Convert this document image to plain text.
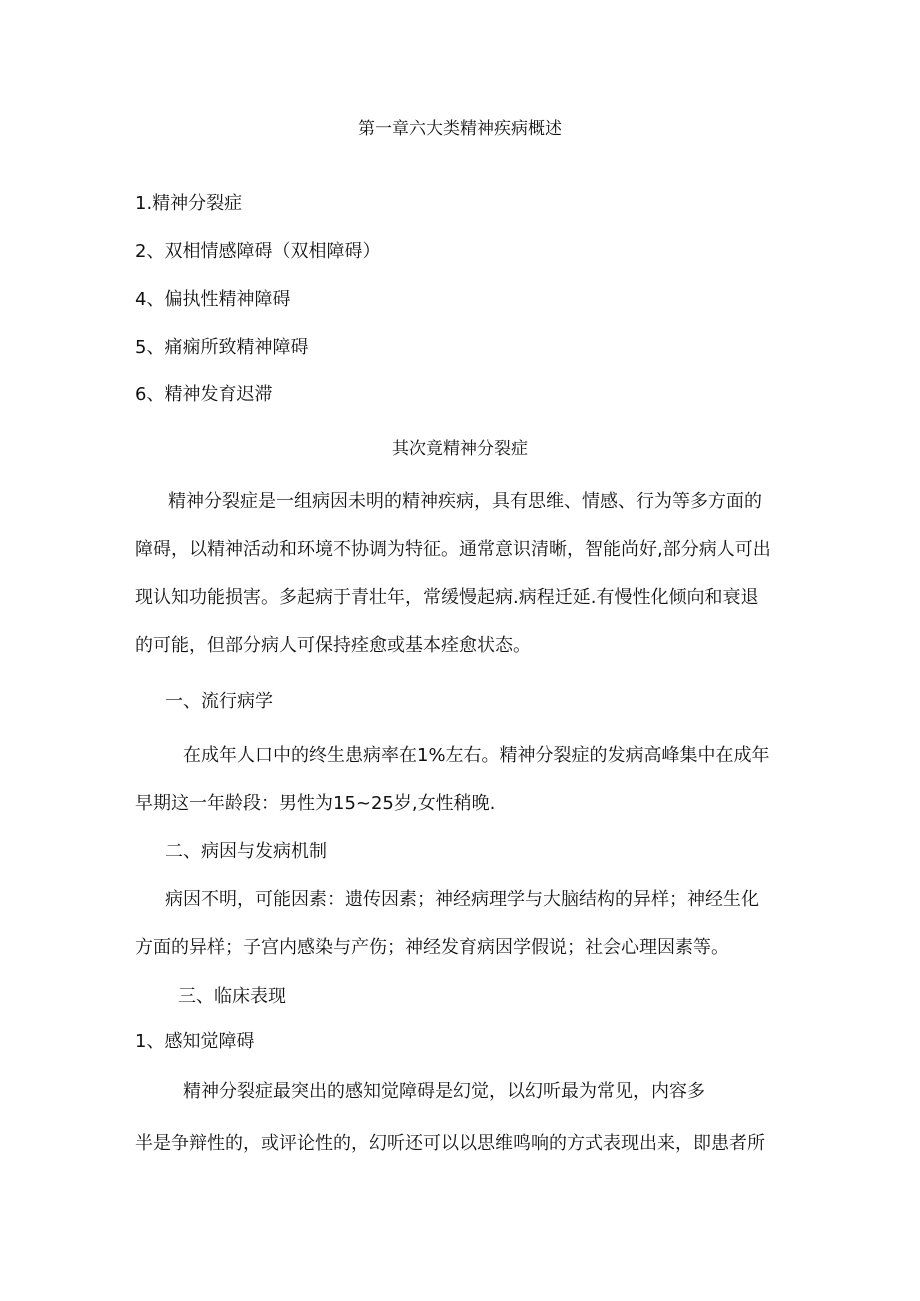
第一章六大类精神疾病概述

1.精神分裂症

2、双相情感障碍（双相障碍）

4、偏执性精神障碍

5、痛痫所致精神障碍

6、精神发育迟滞

其次竟精神分裂症

精神分裂症是一组病因未明的精神疾病，具有思维、情感、行为等多方面的

障碍，以精神活动和环境不协调为特征。通常意识清晰，智能尚好,部分病人可出

现认知功能损害。多起病于青壮年，常缓慢起病.病程迁延.有慢性化倾向和衰退

的可能，但部分病人可保持痊愈或基本痊愈状态。

一、流行病学

在成年人口中的终生患病率在1%左右。精神分裂症的发病高峰集中在成年

早期这一年龄段：男性为15~25岁,女性稍晚.

二、病因与发病机制

病因不明，可能因素：遗传因素；神经病理学与大脑结构的异样；神经生化

方面的异样；子宫内感染与产伤；神经发育病因学假说；社会心理因素等。

三、临床表现

1、感知觉障碍

精神分裂症最突出的感知觉障碍是幻觉，以幻听最为常见，内容多

半是争辩性的，或评论性的，幻听还可以以思维鸣响的方式表现出来，即患者所
